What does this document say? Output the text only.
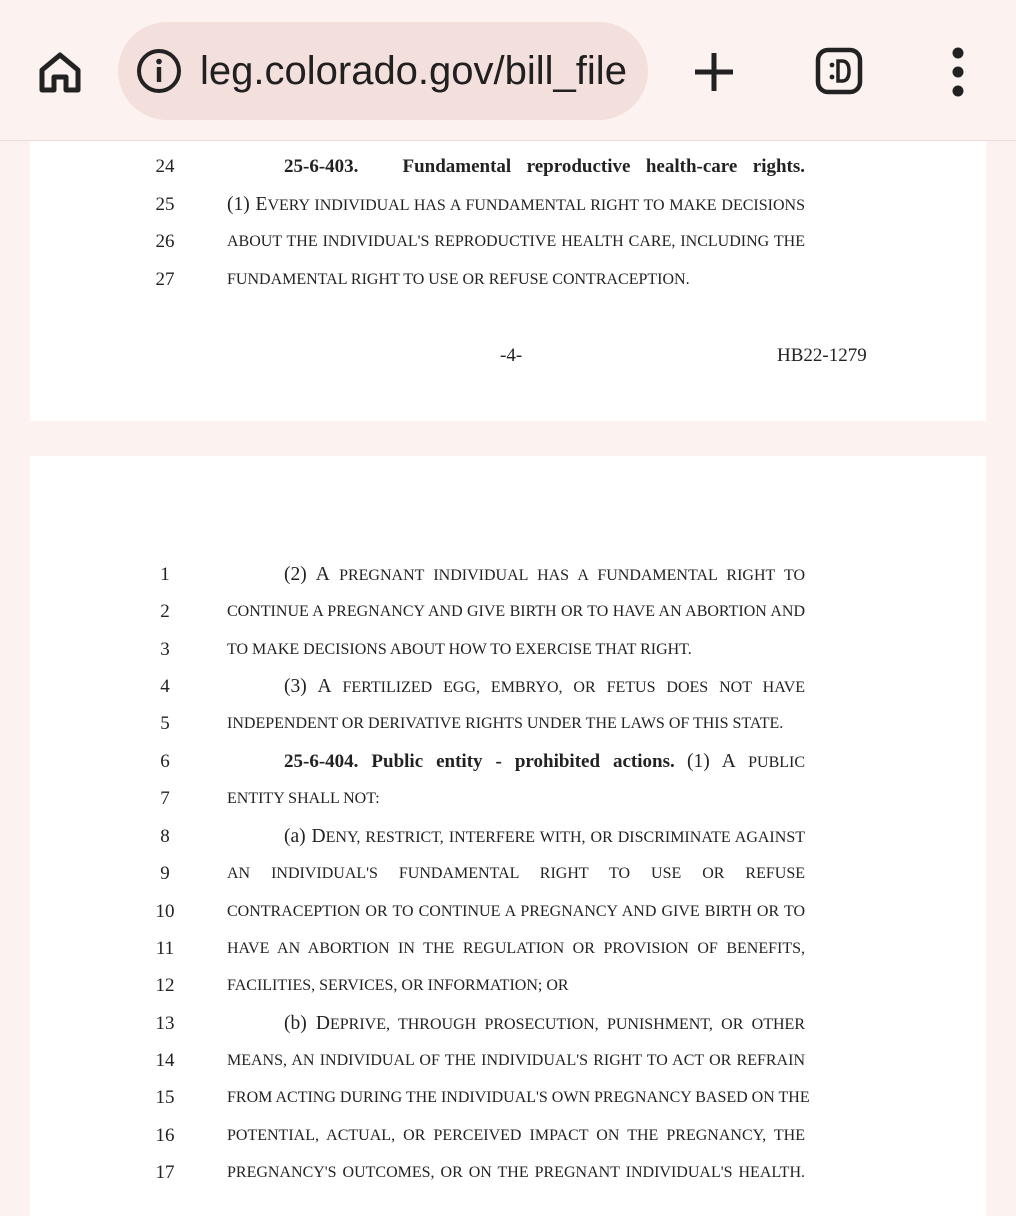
leg.colorado.gov/bill_file
24	25-6-403. Fundamental reproductive health-care rights.
25	(1) EVERY INDIVIDUAL HAS A FUNDAMENTAL RIGHT TO MAKE DECISIONS
26	ABOUT THE INDIVIDUAL'S REPRODUCTIVE HEALTH CARE, INCLUDING THE
27	FUNDAMENTAL RIGHT TO USE OR REFUSE CONTRACEPTION.
-4-	HB22-1279
1	(2) A PREGNANT INDIVIDUAL HAS A FUNDAMENTAL RIGHT TO
2	CONTINUE A PREGNANCY AND GIVE BIRTH OR TO HAVE AN ABORTION AND
3	TO MAKE DECISIONS ABOUT HOW TO EXERCISE THAT RIGHT.
4	(3) A FERTILIZED EGG, EMBRYO, OR FETUS DOES NOT HAVE
5	INDEPENDENT OR DERIVATIVE RIGHTS UNDER THE LAWS OF THIS STATE.
6	25-6-404. Public entity - prohibited actions. (1) A PUBLIC
7	ENTITY SHALL NOT:
8	(a) DENY, RESTRICT, INTERFERE WITH, OR DISCRIMINATE AGAINST
9	AN INDIVIDUAL'S FUNDAMENTAL RIGHT TO USE OR REFUSE
10	CONTRACEPTION OR TO CONTINUE A PREGNANCY AND GIVE BIRTH OR TO
11	HAVE AN ABORTION IN THE REGULATION OR PROVISION OF BENEFITS,
12	FACILITIES, SERVICES, OR INFORMATION; OR
13	(b) DEPRIVE, THROUGH PROSECUTION, PUNISHMENT, OR OTHER
14	MEANS, AN INDIVIDUAL OF THE INDIVIDUAL'S RIGHT TO ACT OR REFRAIN
15	FROM ACTING DURING THE INDIVIDUAL'S OWN PREGNANCY BASED ON THE
16	POTENTIAL, ACTUAL, OR PERCEIVED IMPACT ON THE PREGNANCY, THE
17	PREGNANCY'S OUTCOMES, OR ON THE PREGNANT INDIVIDUAL'S HEALTH.
